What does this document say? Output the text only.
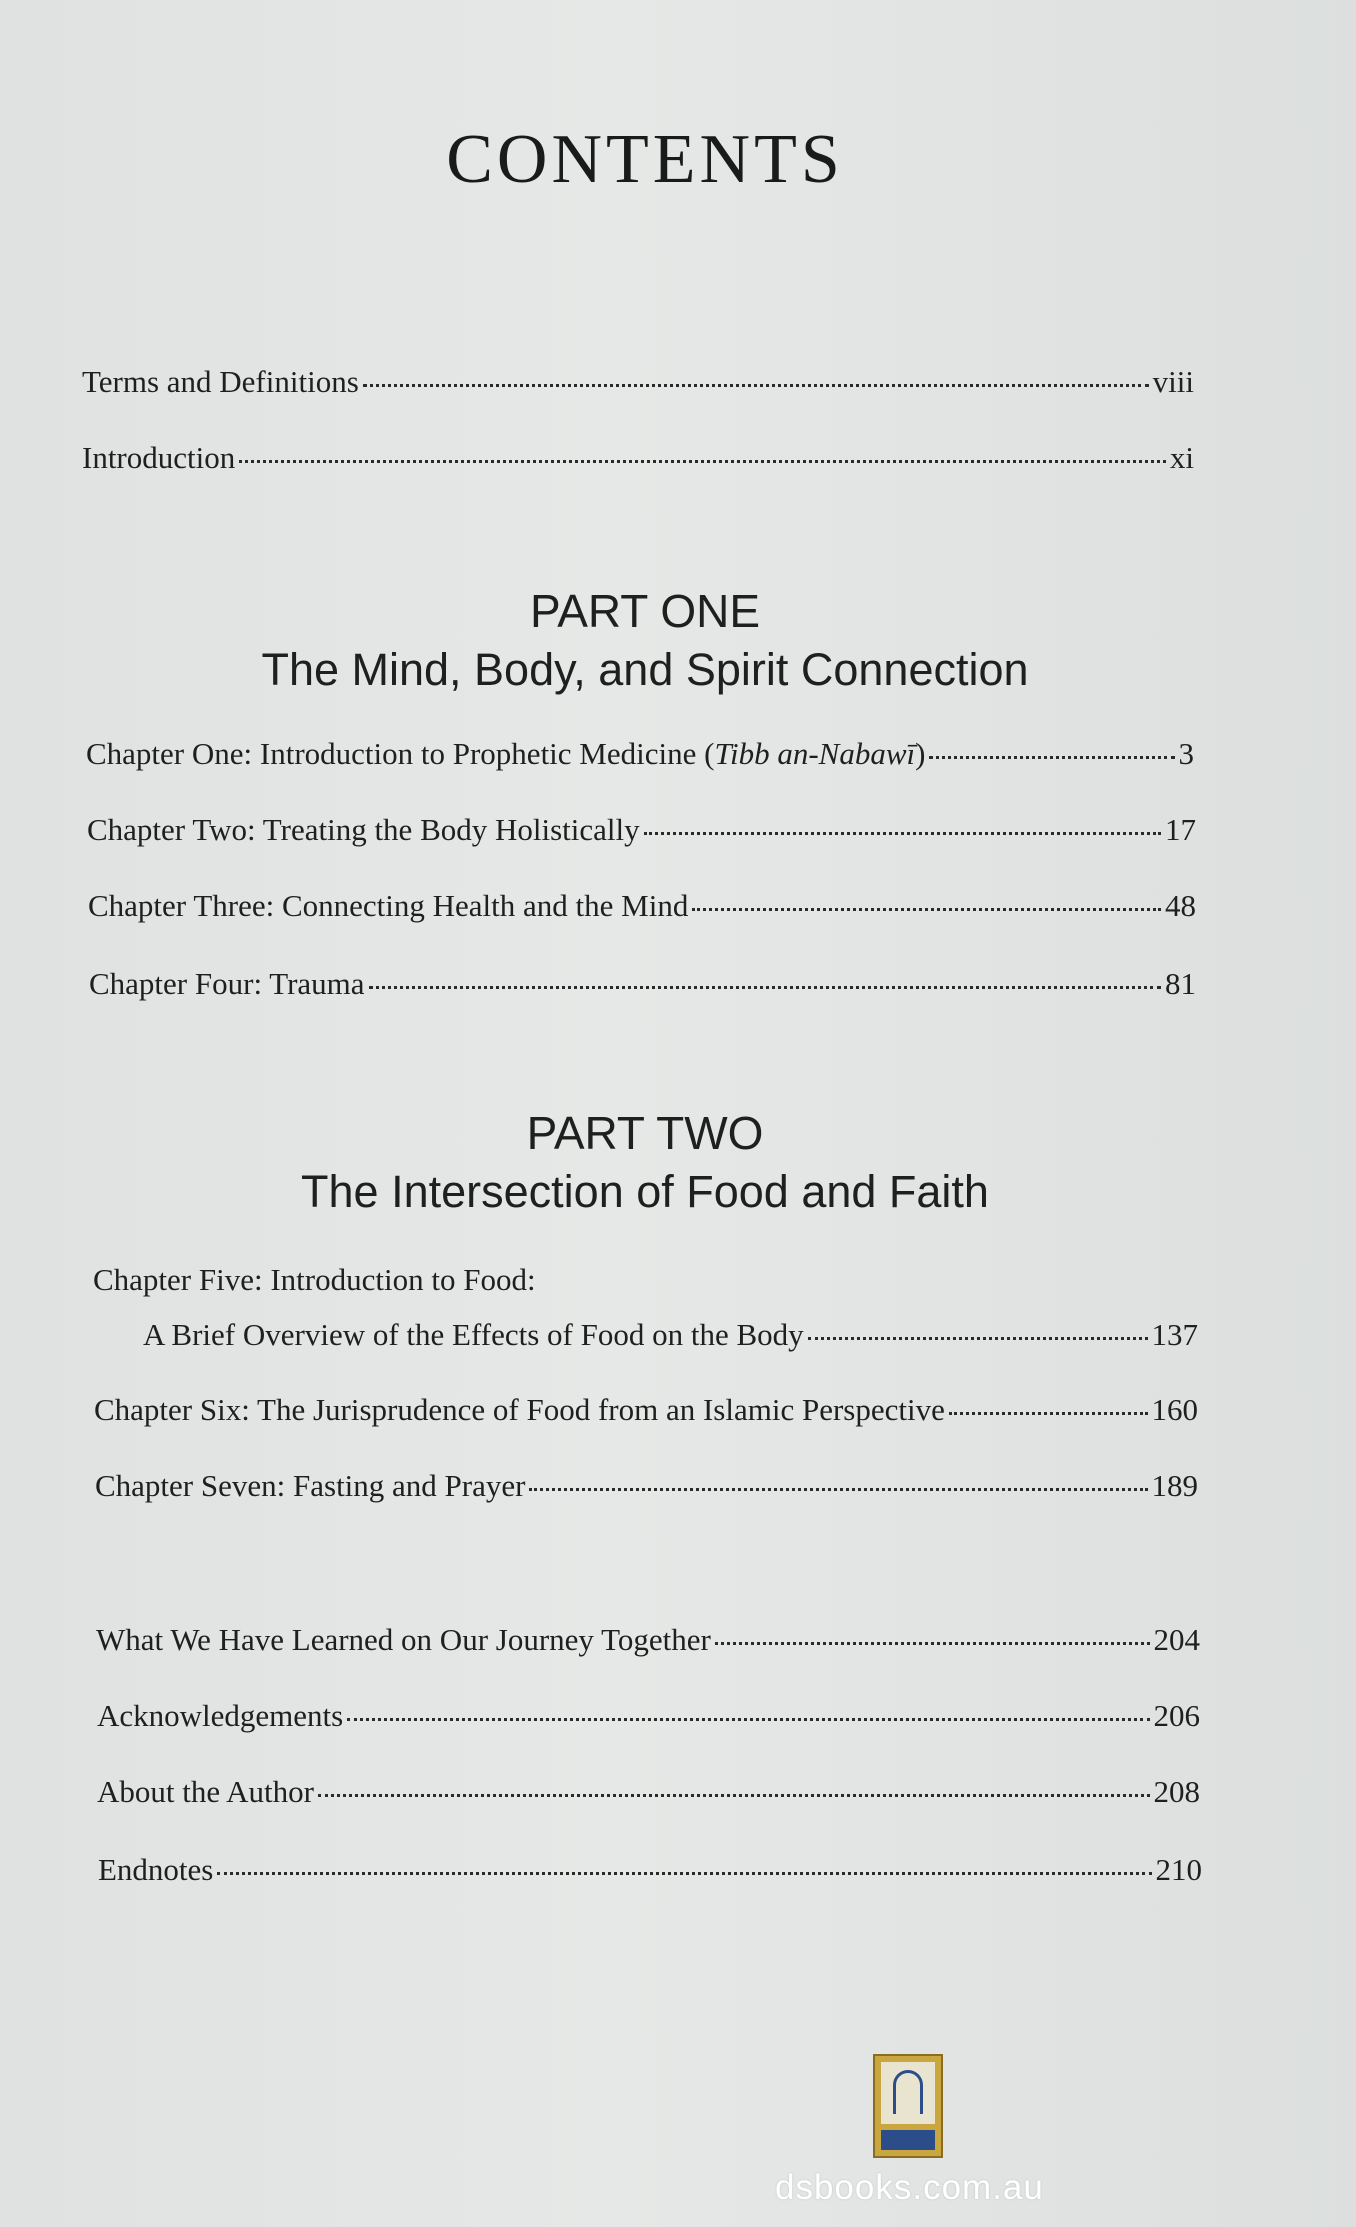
CONTENTS
Terms and Definitions	viii
Introduction	xi
PART ONE
The Mind, Body, and Spirit Connection
Chapter One: Introduction to Prophetic Medicine (Tibb an-Nabawī)	3
Chapter Two: Treating the Body Holistically	17
Chapter Three: Connecting Health and the Mind	48
Chapter Four: Trauma	81
PART TWO
The Intersection of Food and Faith
Chapter Five: Introduction to Food:
A Brief Overview of the Effects of Food on the Body	137
Chapter Six: The Jurisprudence of Food from an Islamic Perspective	160
Chapter Seven: Fasting and Prayer	189
What We Have Learned on Our Journey Together	204
Acknowledgements	206
About the Author	208
Endnotes	210
dsbooks.com.au
